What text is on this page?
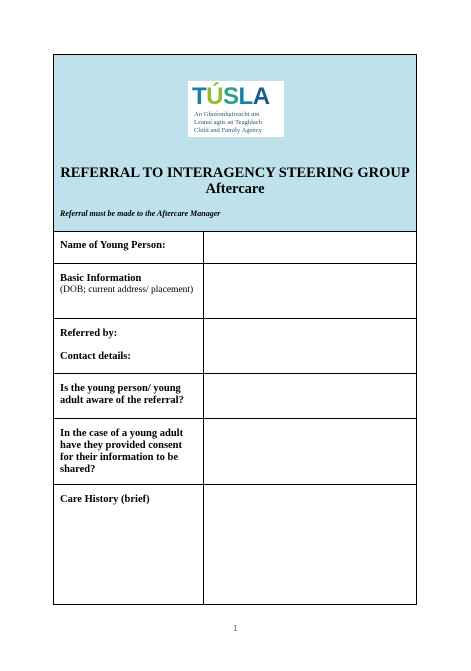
T Ú S L A
An Ghníomhaireacht um
Leanaí agus an Teaghlach
Child and Family Agency
REFERRAL TO INTERAGENCY STEERING GROUP
Aftercare
Referral must be made to the Aftercare Manager
Name of Young Person:
Basic Information
(DOB; current address/ placement)
Referred by:
Contact details:
Is the young person/ young adult aware of the referral?
In the case of a young adult have they provided consent for their information to be shared?
Care History (brief)
1
